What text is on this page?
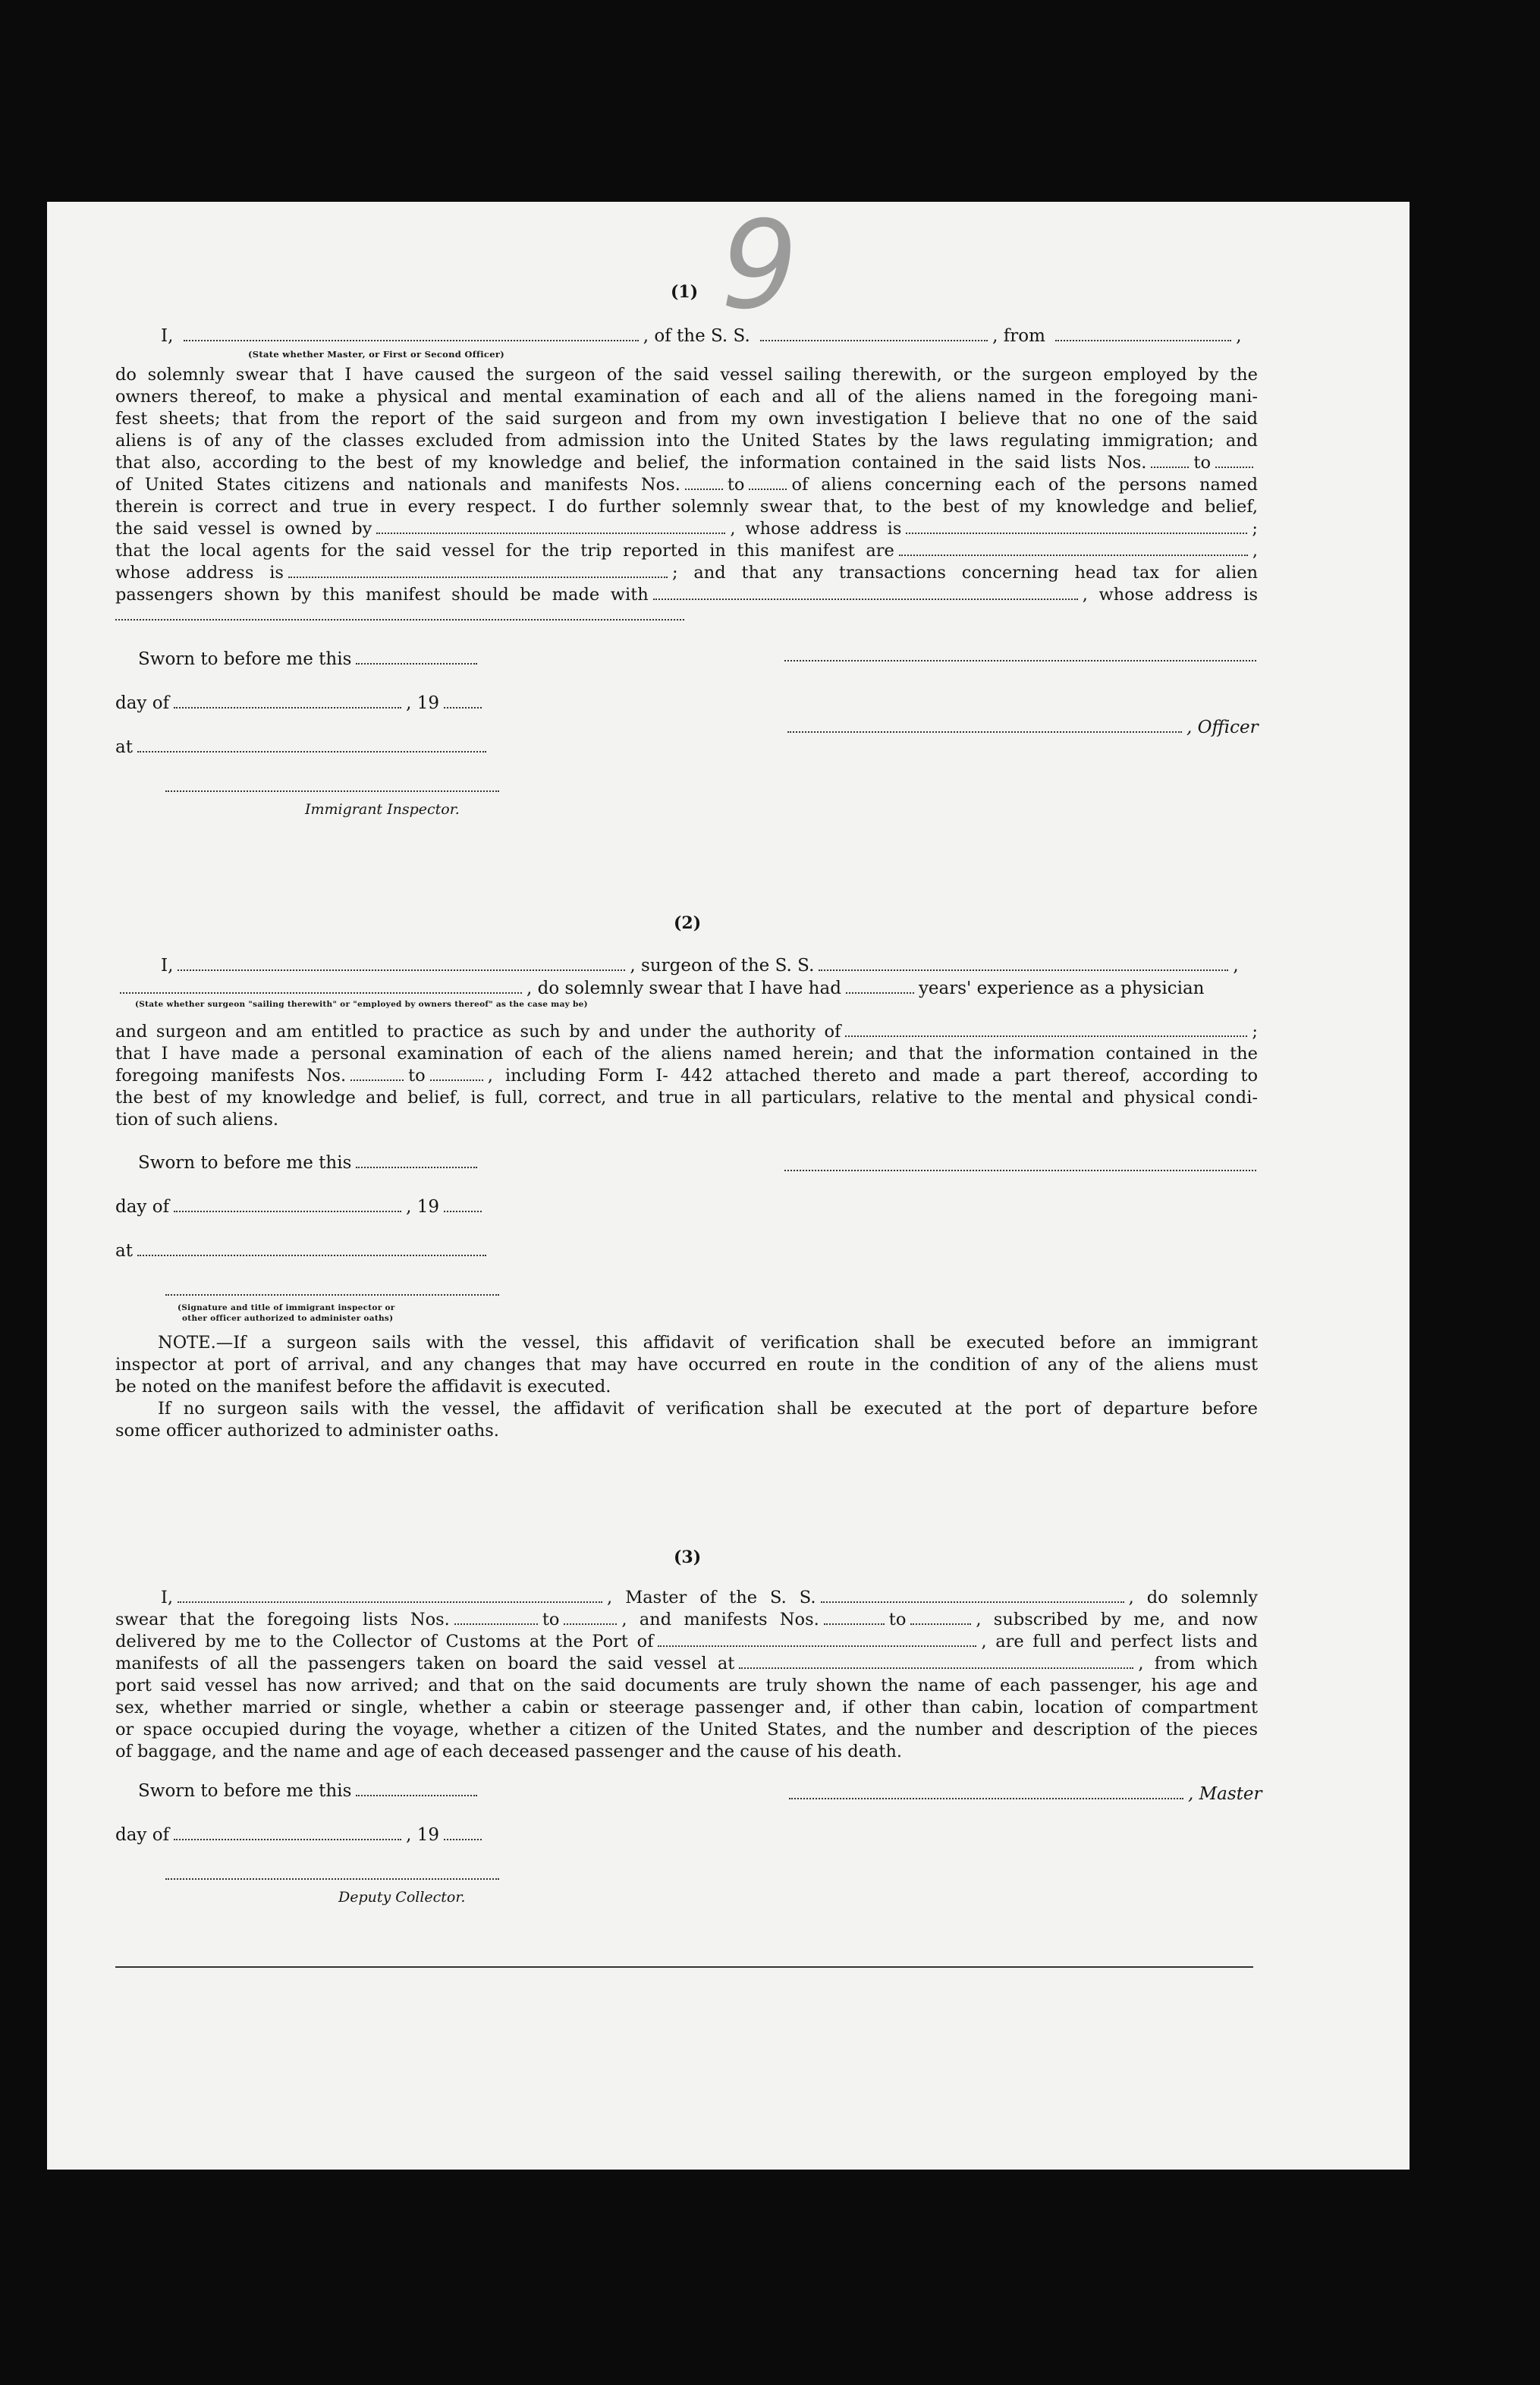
9
(1)
I,	, of the S. S.	, from	,
(State whether Master, or First or Second Officer)
do solemnly swear that I have caused the surgeon of the said vessel sailing therewith, or the surgeon employed by the
owners thereof, to make a physical and mental examination of each and all of the aliens named in the foregoing mani-
fest sheets; that from the report of the said surgeon and from my own investigation I believe that no one of the said
aliens is of any of the classes excluded from admission into the United States by the laws regulating immigration; and
that also, according to the best of my knowledge and belief, the information contained in the said lists Nos.	to
of United States citizens and nationals and manifests Nos.	to	of aliens concerning each of the persons named
therein is correct and true in every respect. I do further solemnly swear that, to the best of my knowledge and belief,
the said vessel is owned by	, whose address is	;
that the local agents for the said vessel for the trip reported in this manifest are	,
whose address is	; and that any transactions concerning head tax for alien
passengers shown by this manifest should be made with	, whose address is
Sworn to before me this
day of	, 19
at
Immigrant Inspector.
, Officer
(2)
I,	, surgeon of the S. S.	,
, do solemnly swear that I have had	years' experience as a physician
(State whether surgeon "sailing therewith" or "employed by owners thereof" as the case may be)
and surgeon and am entitled to practice as such by and under the authority of	;
that I have made a personal examination of each of the aliens named herein; and that the information contained in the
foregoing manifests Nos.	to	, including Form I- 442 attached thereto and made a part thereof, according to
the best of my knowledge and belief, is full, correct, and true in all particulars, relative to the mental and physical condi-
tion of such aliens.
Sworn to before me this
day of	, 19
at
(Signature and title of immigrant inspector or
other officer authorized to administer oaths)
NOTE.—If a surgeon sails with the vessel, this affidavit of verification shall be executed before an immigrant
inspector at port of arrival, and any changes that may have occurred en route in the condition of any of the aliens must
be noted on the manifest before the affidavit is executed.
If no surgeon sails with the vessel, the affidavit of verification shall be executed at the port of departure before
some officer authorized to administer oaths.
(3)
I,	, Master of the S. S.	, do solemnly
swear that the foregoing lists Nos.	to	, and manifests Nos.	to	, subscribed by me, and now
delivered by me to the Collector of Customs at the Port of	, are full and perfect lists and
manifests of all the passengers taken on board the said vessel at	, from which
port said vessel has now arrived; and that on the said documents are truly shown the name of each passenger, his age and
sex, whether married or single, whether a cabin or steerage passenger and, if other than cabin, location of compartment
or space occupied during the voyage, whether a citizen of the United States, and the number and description of the pieces
of baggage, and the name and age of each deceased passenger and the cause of his death.
Sworn to before me this	, Master
day of	, 19
Deputy Collector.
